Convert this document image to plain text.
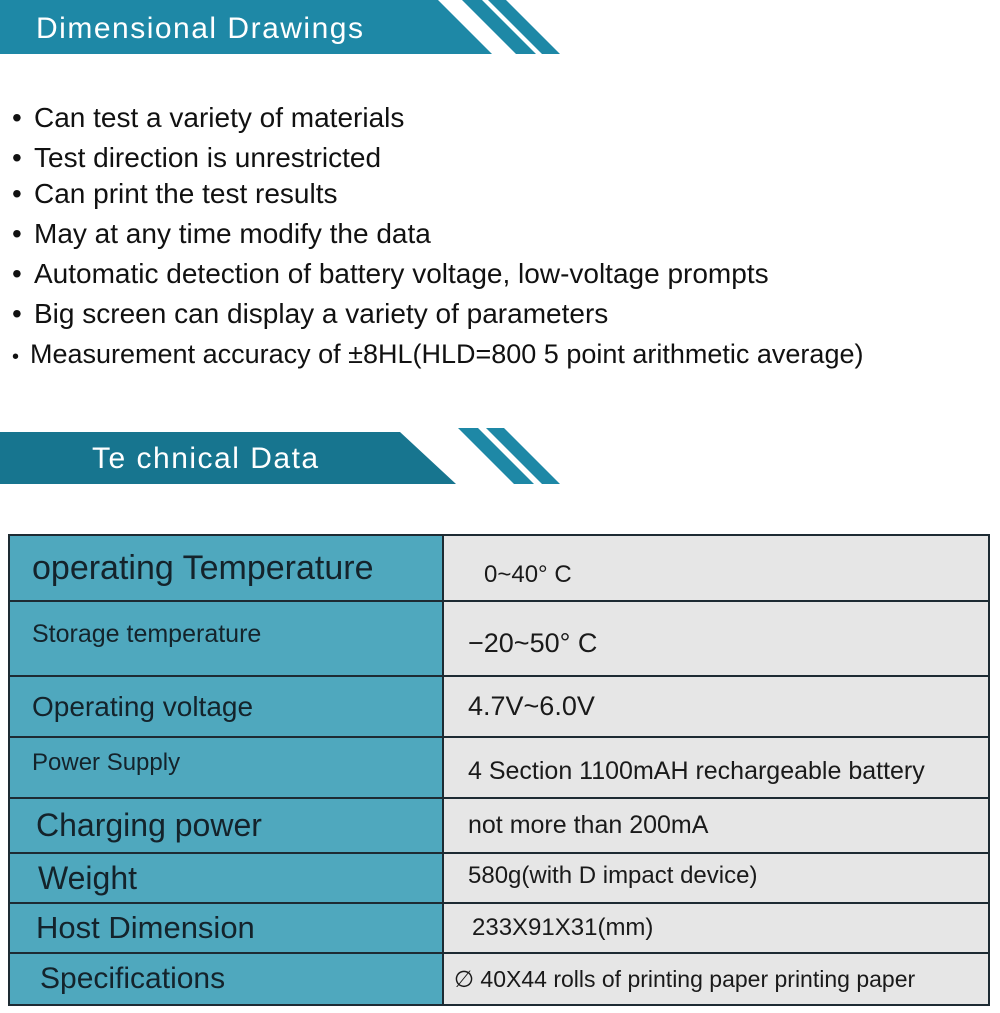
Dimensional Drawings
• Can test a variety of materials
• Test direction is unrestricted
• Can print the test results
• May at any time modify the data
• Automatic detection of battery voltage, low-voltage prompts
• Big screen can display a variety of parameters
• Measurement accuracy of ±8HL(HLD=800 5 point arithmetic average)
Te chnical Data
operating Temperature	0~40° C
Storage temperature	−20~50° C
Operating voltage	4.7V~6.0V
Power Supply	4 Section 1100mAH rechargeable battery
Charging power	not more than 200mA
Weight	580g(with D impact device)
Host Dimension	233X91X31(mm)
Specifications	∅ 40X44 rolls of printing paper printing paper
